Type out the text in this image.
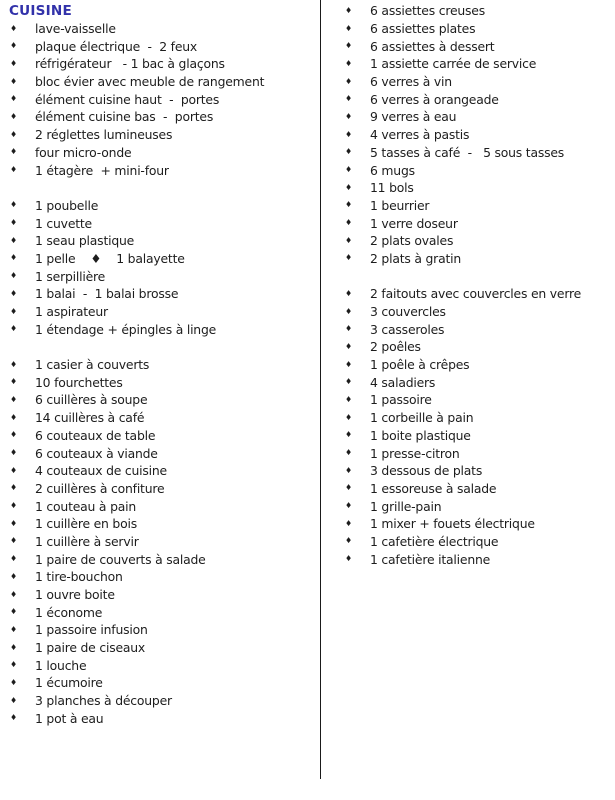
CUISINE
♦	lave-vaisselle
♦	plaque électrique  -  2 feux
♦	réfrigérateur   - 1 bac à glaçons
♦	bloc évier avec meuble de rangement
♦	élément cuisine haut  -  portes
♦	élément cuisine bas  -  portes
♦	2 réglettes lumineuses
♦	four micro-onde
♦	1 étagère  + mini-four
♦	1 poubelle
♦	1 cuvette
♦	1 seau plastique
♦	1 pelle    ♦    1 balayette
♦	1 serpillière
♦	1 balai  -  1 balai brosse
♦	1 aspirateur
♦	1 étendage + épingles à linge
♦	1 casier à couverts
♦	10 fourchettes
♦	6 cuillères à soupe
♦	14 cuillères à café
♦	6 couteaux de table
♦	6 couteaux à viande
♦	4 couteaux de cuisine
♦	2 cuillères à confiture
♦	1 couteau à pain
♦	1 cuillère en bois
♦	1 cuillère à servir
♦	1 paire de couverts à salade
♦	1 tire-bouchon
♦	1 ouvre boite
♦	1 économe
♦	1 passoire infusion
♦	1 paire de ciseaux
♦	1 louche
♦	1 écumoire
♦	3 planches à découper
♦	1 pot à eau
♦	6 assiettes creuses
♦	6 assiettes plates
♦	6 assiettes à dessert
♦	1 assiette carrée de service
♦	6 verres à vin
♦	6 verres à orangeade
♦	9 verres à eau
♦	4 verres à pastis
♦	5 tasses à café  -   5 sous tasses
♦	6 mugs
♦	11 bols
♦	1 beurrier
♦	1 verre doseur
♦	2 plats ovales
♦	2 plats à gratin
♦	2 faitouts avec couvercles en verre
♦	3 couvercles
♦	3 casseroles
♦	2 poêles
♦	1 poêle à crêpes
♦	4 saladiers
♦	1 passoire
♦	1 corbeille à pain
♦	1 boite plastique
♦	1 presse-citron
♦	3 dessous de plats
♦	1 essoreuse à salade
♦	1 grille-pain
♦	1 mixer + fouets électrique
♦	1 cafetière électrique
♦	1 cafetière italienne
